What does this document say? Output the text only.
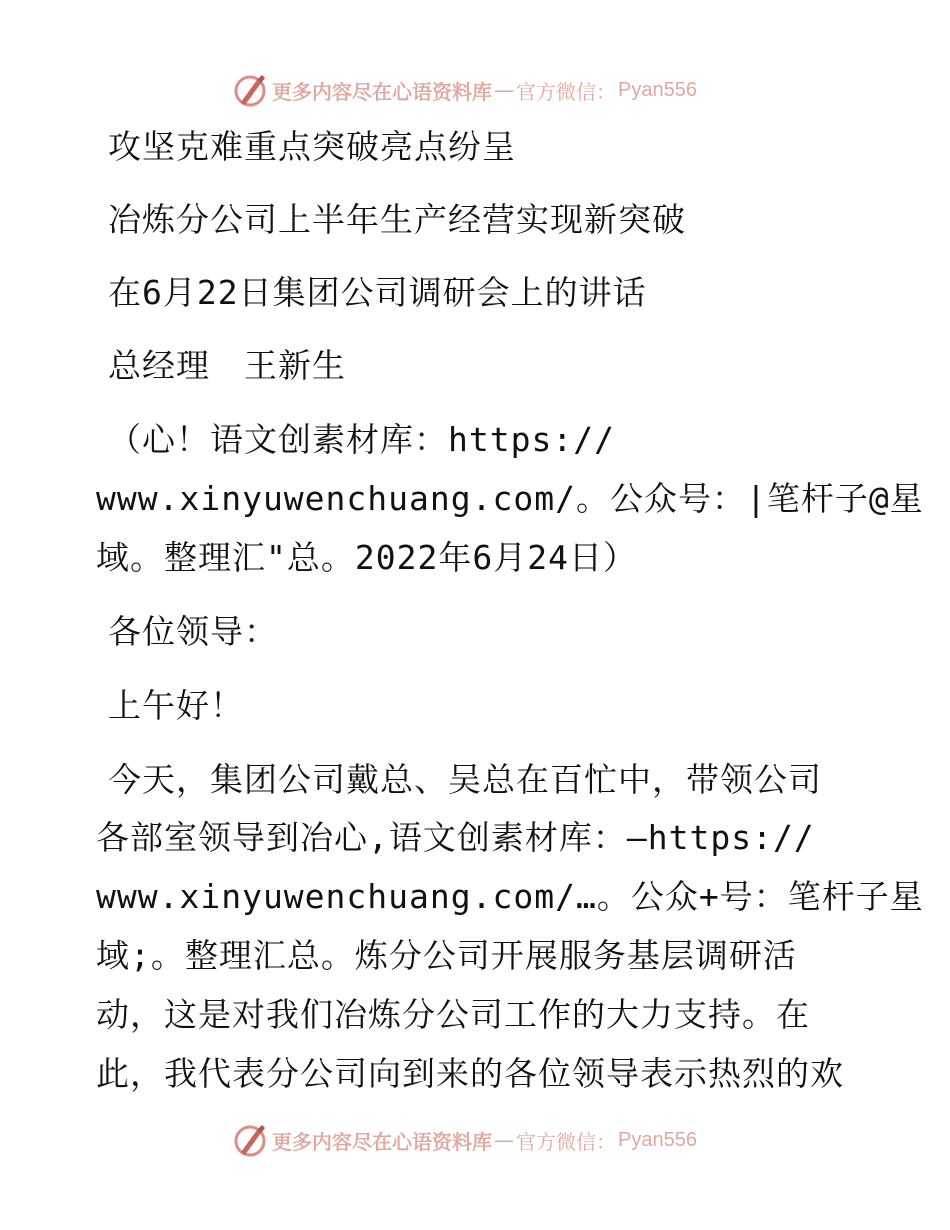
更多内容尽在心语资料库 — 官方微信： Pyan556
攻坚克难重点突破亮点纷呈
冶炼分公司上半年生产经营实现新突破
在6月22日集团公司调研会上的讲话
总经理　王新生
（心！语文创素材库：https://
www.xinyuwenchuang.com/。公众号：|笔杆子@星
域。整理汇"总。2022年6月24日）
各位领导：
上午好！
今天，集团公司戴总、吴总在百忙中，带领公司
各部室领导到冶心,语文创素材库：—https://
www.xinyuwenchuang.com/…。公众+号：笔杆子星
域;。整理汇总。炼分公司开展服务基层调研活
动，这是对我们冶炼分公司工作的大力支持。在
此，我代表分公司向到来的各位领导表示热烈的欢
更多内容尽在心语资料库 — 官方微信： Pyan556
